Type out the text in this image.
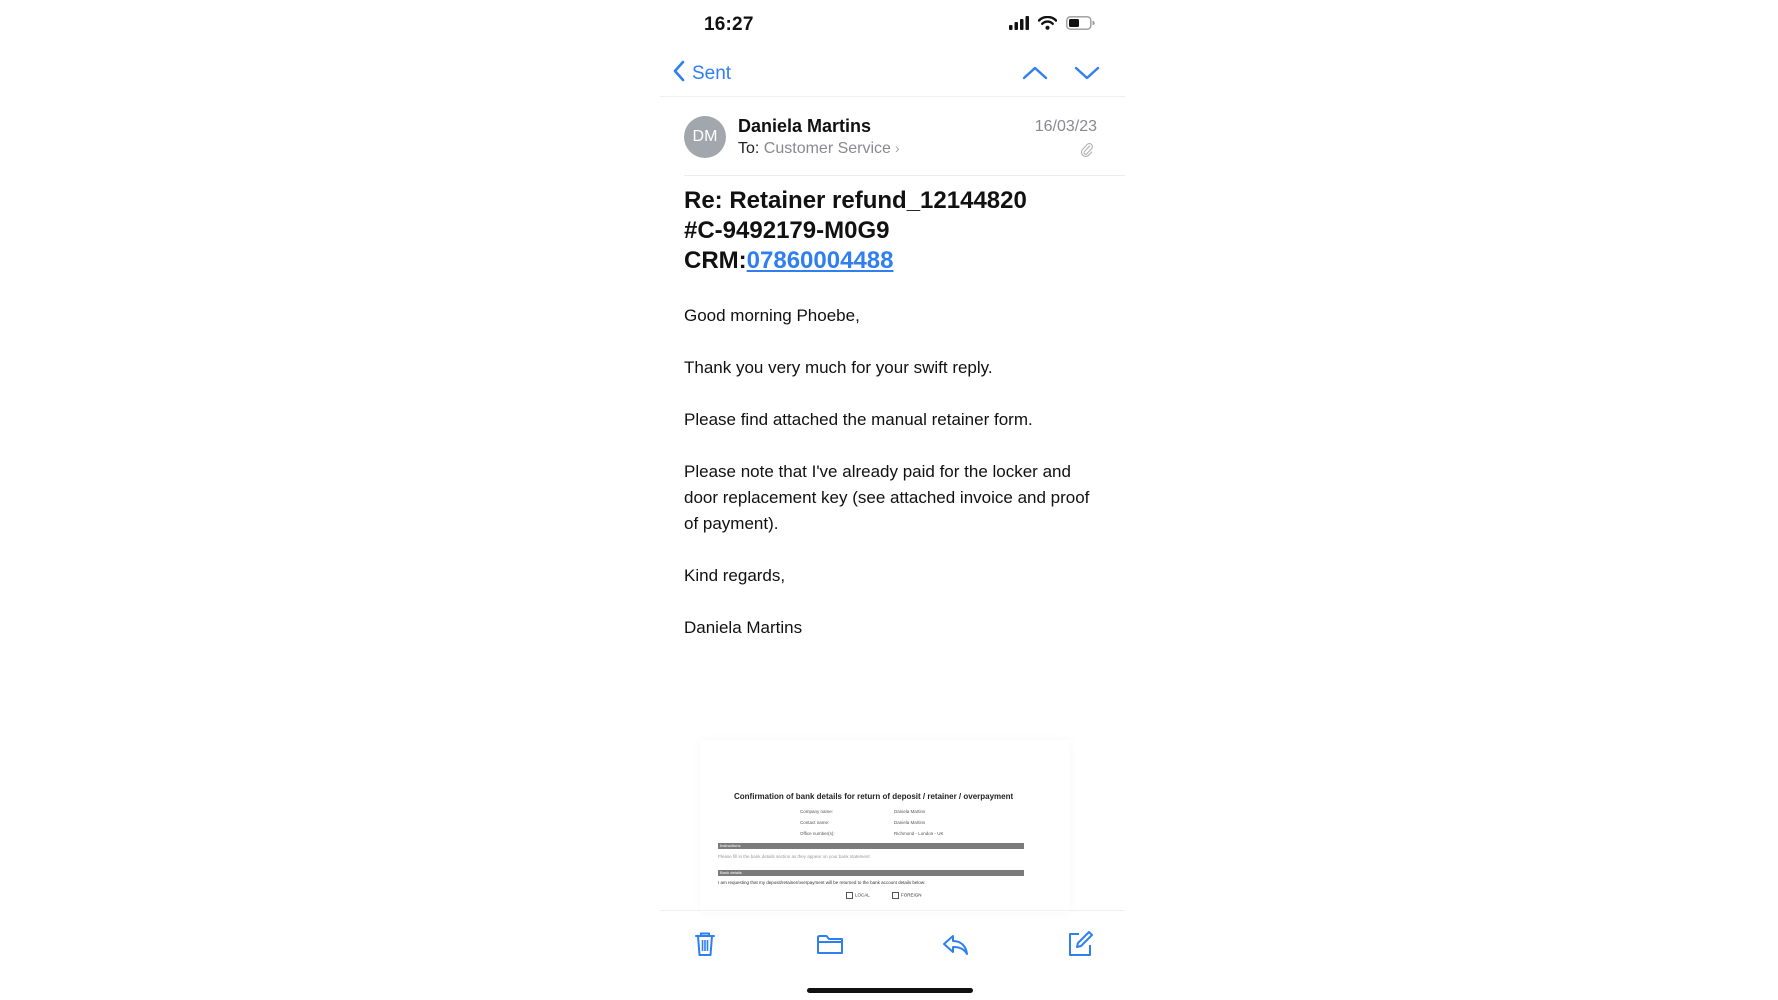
16:27
Sent
DM
Daniela Martins
To: Customer Service ›
16/03/23
Re: Retainer refund_12144820
#C-9492179-M0G9
CRM:07860004488

Good morning Phoebe,

Thank you very much for your swift reply.

Please find attached the manual retainer form.

Please note that I've already paid for the locker and door replacement key (see attached invoice and proof of payment).

Kind regards,

Daniela Martins

Confirmation of bank details for return of deposit / retainer / overpayment
Company name:	Daniela Martins
Contact name:	Daniela Martins
Office number(s):	Richmond - London - UK
Instructions
Please fill in the bank details section as they appear on your bank statement
Bank details
I am requesting that my deposit/retainer/overpayment will be returned to the bank account details below:
LOCAL	FOREIGN
